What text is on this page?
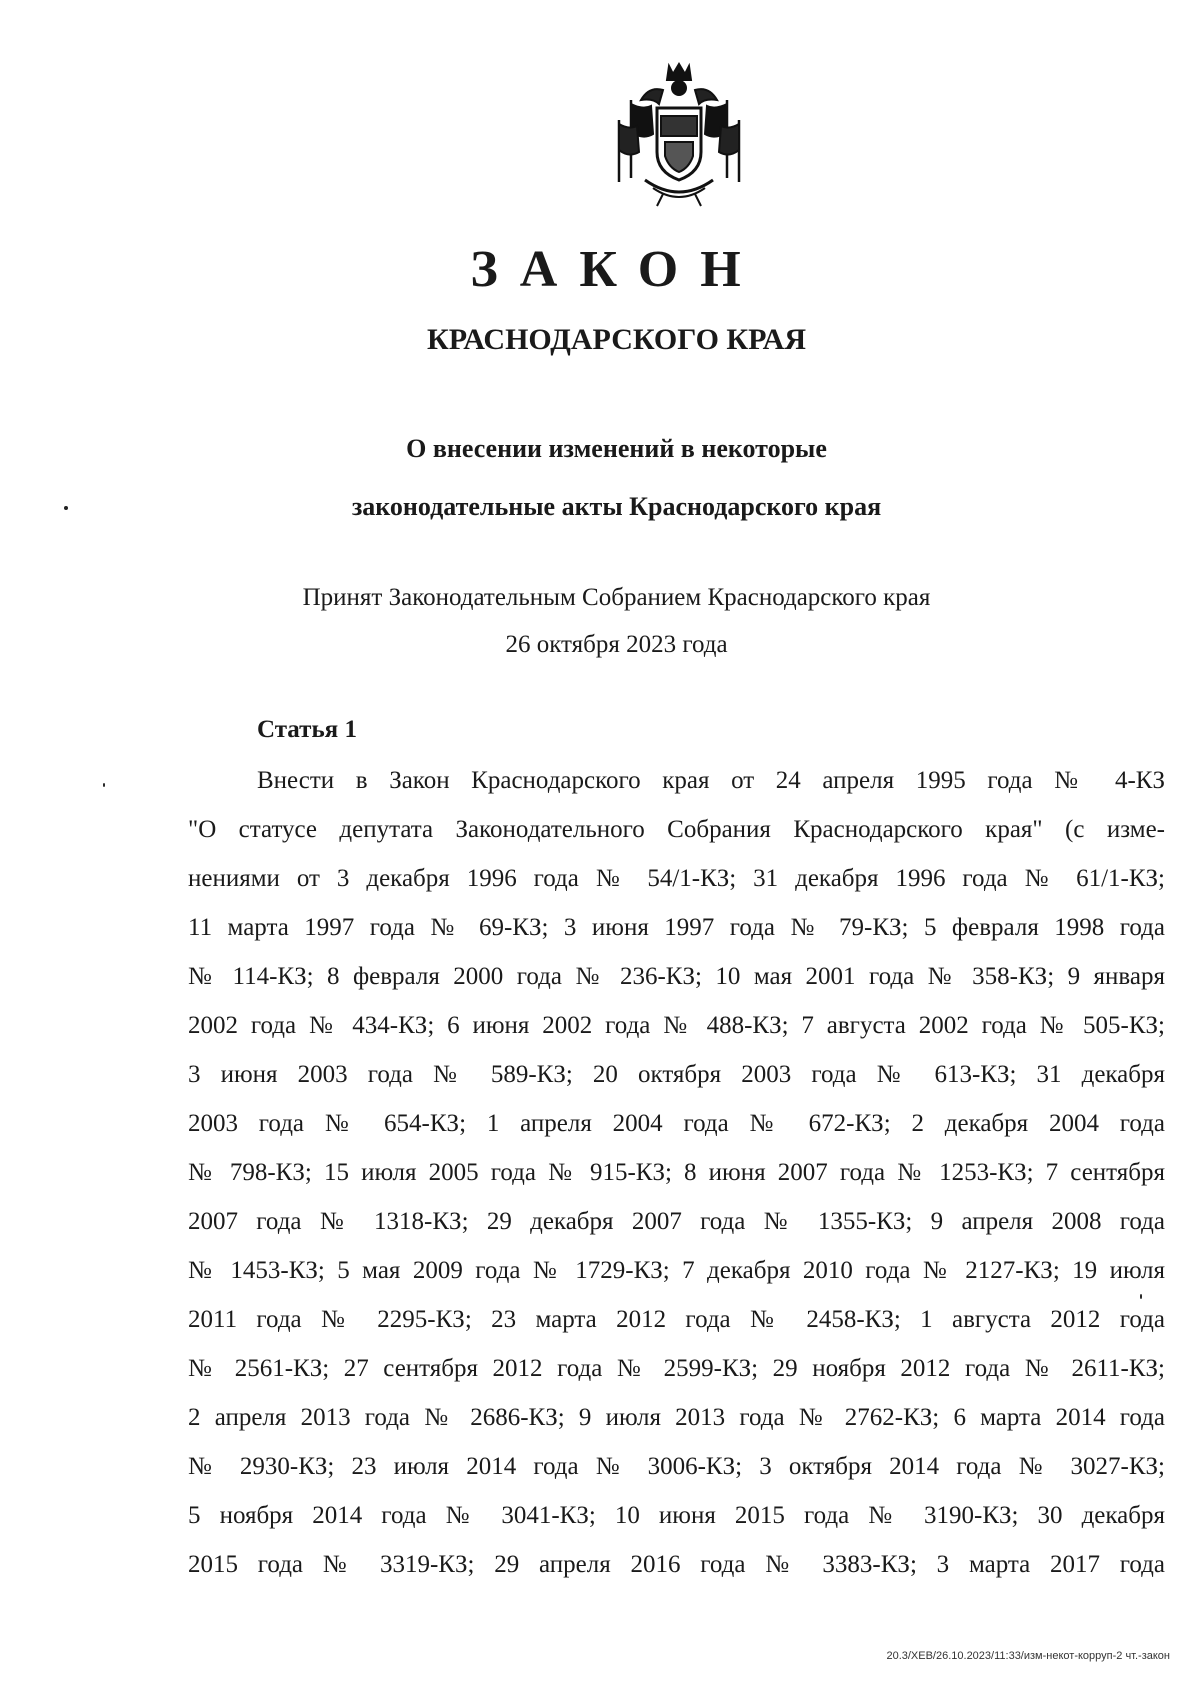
ЗАКОН
КРАСНОДАРСКОГО КРАЯ
О внесении изменений в некоторые
законодательные акты Краснодарского края
Принят Законодательным Собранием Краснодарского края
26 октября 2023 года
Статья 1
Внести в Закон Краснодарского края от 24 апреля 1995 года № 4-КЗ
"О статусе депутата Законодательного Собрания Краснодарского края" (с изме-
нениями от 3 декабря 1996 года № 54/1-КЗ; 31 декабря 1996 года № 61/1-КЗ;
11 марта 1997 года № 69-КЗ; 3 июня 1997 года № 79-КЗ; 5 февраля 1998 года
№ 114-КЗ; 8 февраля 2000 года № 236-КЗ; 10 мая 2001 года № 358-КЗ; 9 января
2002 года № 434-КЗ; 6 июня 2002 года № 488-КЗ; 7 августа 2002 года № 505-КЗ;
3 июня 2003 года № 589-КЗ; 20 октября 2003 года № 613-КЗ; 31 декабря
2003 года № 654-КЗ; 1 апреля 2004 года № 672-КЗ; 2 декабря 2004 года
№ 798-КЗ; 15 июля 2005 года № 915-КЗ; 8 июня 2007 года № 1253-КЗ; 7 сентября
2007 года № 1318-КЗ; 29 декабря 2007 года № 1355-КЗ; 9 апреля 2008 года
№ 1453-КЗ; 5 мая 2009 года № 1729-КЗ; 7 декабря 2010 года № 2127-КЗ; 19 июля
2011 года № 2295-КЗ; 23 марта 2012 года № 2458-КЗ; 1 августа 2012 года
№ 2561-КЗ; 27 сентября 2012 года № 2599-КЗ; 29 ноября 2012 года № 2611-КЗ;
2 апреля 2013 года № 2686-КЗ; 9 июля 2013 года № 2762-КЗ; 6 марта 2014 года
№ 2930-КЗ; 23 июля 2014 года № 3006-КЗ; 3 октября 2014 года № 3027-КЗ;
5 ноября 2014 года № 3041-КЗ; 10 июня 2015 года № 3190-КЗ; 30 декабря
2015 года № 3319-КЗ; 29 апреля 2016 года № 3383-КЗ; 3 марта 2017 года
20.3/ХЕВ/26.10.2023/11:33/изм-некот-корруп-2 чт.-закон
